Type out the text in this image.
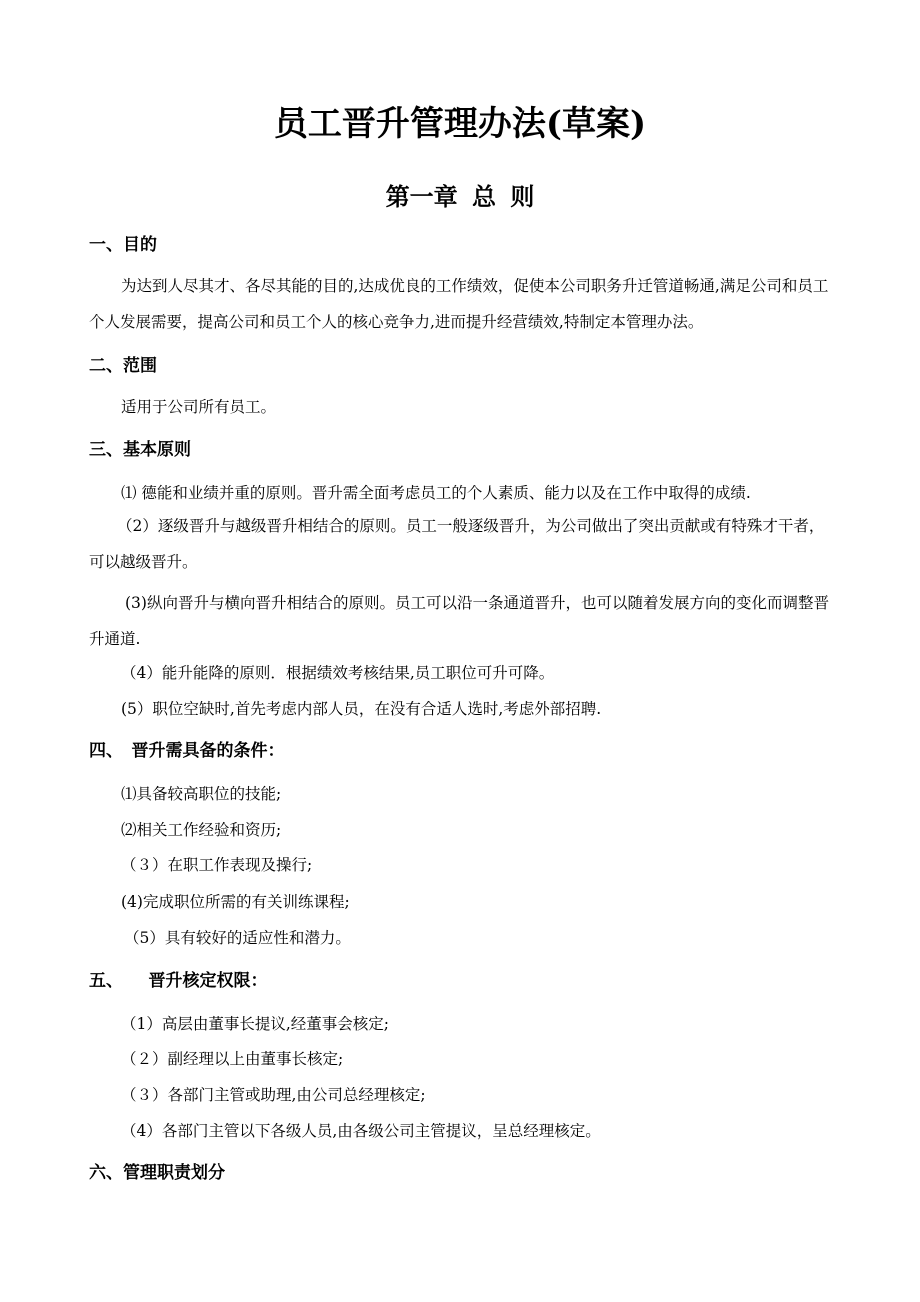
员工晋升管理办法(草案)
第一章 总 则
一、目的

为达到人尽其才、各尽其能的目的,达成优良的工作绩效，促使本公司职务升迁管道畅通,满足公司和员工个人发展需要，提高公司和员工个人的核心竞争力,进而提升经营绩效,特制定本管理办法。

二、范围

适用于公司所有员工。

三、基本原则

⑴ 德能和业绩并重的原则。晋升需全面考虑员工的个人素质、能力以及在工作中取得的成绩.

（2）逐级晋升与越级晋升相结合的原则。员工一般逐级晋升，为公司做出了突出贡献或有特殊才干者，可以越级晋升。

(3)纵向晋升与横向晋升相结合的原则。员工可以沿一条通道晋升，也可以随着发展方向的变化而调整晋升通道.

（4）能升能降的原则．根据绩效考核结果,员工职位可升可降。

(5）职位空缺时,首先考虑内部人员，在没有合适人选时,考虑外部招聘.

四、　晋升需具备的条件：

⑴具备较高职位的技能;

⑵相关工作经验和资历;

（３）在职工作表现及操行;

(4)完成职位所需的有关训练课程;

（5）具有较好的适应性和潜力。

五、　　晋升核定权限：

（1）高层由董事长提议,经董事会核定;

（２）副经理以上由董事长核定;

（３）各部门主管或助理,由公司总经理核定;

（4）各部门主管以下各级人员,由各级公司主管提议，呈总经理核定。

六、管理职责划分
